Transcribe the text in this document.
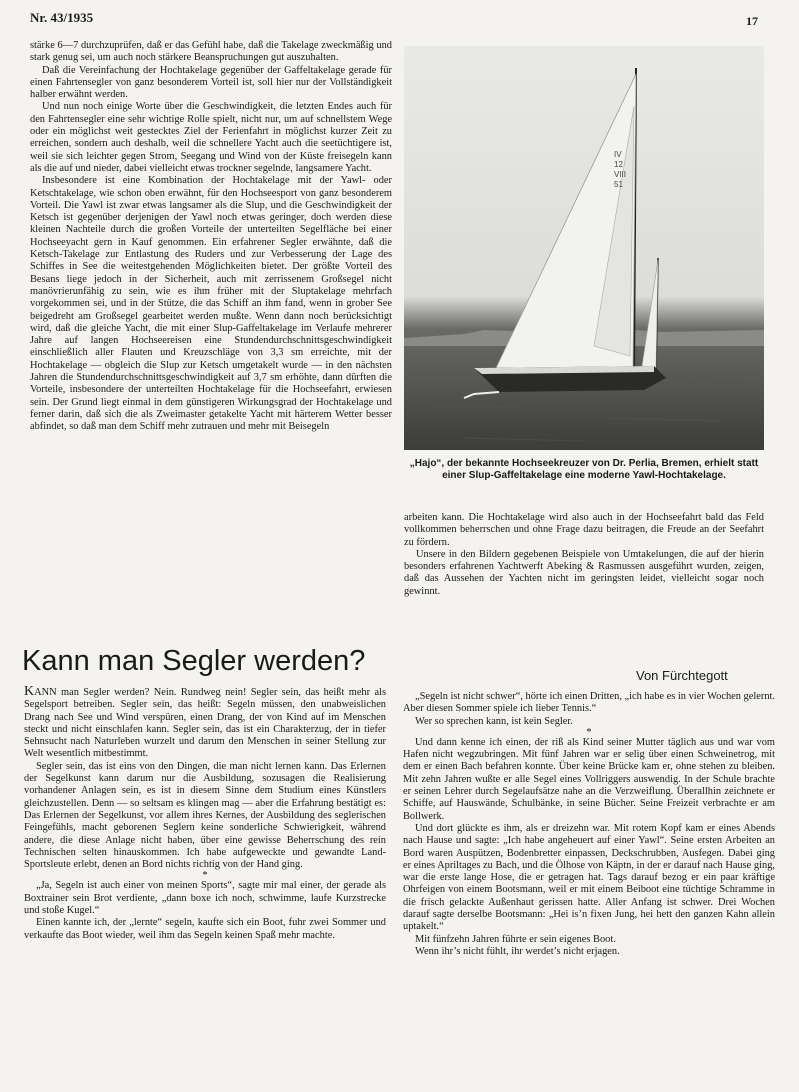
Nr. 43/1935	17

stärke 6—7 durchzuprüfen, daß er das Gefühl habe, daß die Takelage zweckmäßig und stark genug sei, um auch noch stärkere Beanspruchungen gut auszuhalten.

Daß die Vereinfachung der Hochtakelage gegenüber der Gaffeltakelage gerade für einen Fahrtensegler von ganz besonderem Vorteil ist, soll hier nur der Vollständigkeit halber erwähnt werden.

Und nun noch einige Worte über die Geschwindigkeit, die letzten Endes auch für den Fahrtensegler eine sehr wichtige Rolle spielt, nicht nur, um auf schnellstem Wege oder ein möglichst weit gestecktes Ziel der Ferienfahrt in möglichst kurzer Zeit zu erreichen, sondern auch deshalb, weil die schnellere Yacht auch die seetüchtigere ist, weil sie sich leichter gegen Strom, Seegang und Wind von der Küste freisegeln kann als die auf und nieder, dabei vielleicht etwas trockner segelnde, langsamere Yacht.

Insbesondere ist eine Kombination der Hochtakelage mit der Yawl- oder Ketschtakelage, wie schon oben erwähnt, für den Hochseesport von ganz besonderem Vorteil. Die Yawl ist zwar etwas langsamer als die Slup, und die Geschwindigkeit der Ketsch ist gegenüber derjenigen der Yawl noch etwas geringer, doch werden diese kleinen Nachteile durch die großen Vorteile der unterteilten Segelfläche bei einer Hochseeyacht gern in Kauf genommen. Ein erfahrener Segler erwähnte, daß die Ketsch-Takelage zur Entlastung des Ruders und zur Verbesserung der Lage des Schiffes in See die weitestgehenden Möglichkeiten bietet. Der größte Vorteil des Besans liege jedoch in der Sicherheit, auch mit zerrissenem Großsegel nicht manövrierunfähig zu sein, wie es ihm früher mit der Sluptakelage mehrfach vorgekommen sei, und in der Stütze, die das Schiff an ihm fand, wenn in grober See beigedreht am Großsegel gearbeitet werden mußte. Wenn dann noch berücksichtigt wird, daß die gleiche Yacht, die mit einer Slup-Gaffeltakelage im Verlaufe mehrerer Jahre auf langen Hochseereisen eine Stundendurchschnittsgeschwindigkeit einschließlich aller Flauten und Kreuzschläge von 3,3 sm erreichte, mit der Hochtakelage — obgleich die Slup zur Ketsch umgetakelt wurde — in den nächsten Jahren die Stundendurchschnittsgeschwindigkeit auf 3,7 sm erhöhte, dann dürften die Vorteile, insbesondere der unterteilten Hochtakelage für die Hochseefahrt, erwiesen sein. Der Grund liegt einmal in dem günstigeren Wirkungsgrad der Hochtakelage und ferner darin, daß sich die als Zweimaster getakelte Yacht mit härterem Wetter besser abfindet, so daß man dem Schiff mehr zutrauen und mehr mit Beisegeln

IV
12
VIII
51
„Hajo“, der bekannte Hochseekreuzer von Dr. Perlia, Bremen, erhielt statt einer Slup-Gaffeltakelage eine moderne Yawl-Hochtakelage.

arbeiten kann. Die Hochtakelage wird also auch in der Hochseefahrt bald das Feld vollkommen beherrschen und ohne Frage dazu beitragen, die Freude an der Seefahrt zu fördern.

Unsere in den Bildern gegebenen Beispiele von Umtakelungen, die auf der hierin besonders erfahrenen Yachtwerft Abeking & Rasmussen ausgeführt wurden, zeigen, daß das Aussehen der Yachten nicht im geringsten leidet, vielleicht sogar noch gewinnt.

Kann man Segler werden?	Von Fürchtegott

KANN man Segler werden? Nein. Rundweg nein! Segler sein, das heißt mehr als Segelsport betreiben. Segler sein, das heißt: Segeln müssen, den unabweislichen Drang nach See und Wind verspüren, einen Drang, der von Kind auf im Menschen steckt und nicht einschlafen kann. Segler sein, das ist ein Charakterzug, der in tiefer Sehnsucht nach Naturleben wurzelt und darum den Menschen in seiner Stellung zur Welt wesentlich mitbestimmt.

Segler sein, das ist eins von den Dingen, die man nicht lernen kann. Das Erlernen der Segelkunst kann darum nur die Ausbildung, sozusagen die Realisierung vorhandener Anlagen sein, es ist in diesem Sinne dem Studium eines Künstlers gleichzustellen. Denn — so seltsam es klingen mag — aber die Erfahrung bestätigt es: Das Erlernen der Segelkunst, vor allem ihres Kernes, der Ausbildung des seglerischen Feingefühls, macht geborenen Seglern keine sonderliche Schwierigkeit, während andere, die diese Anlage nicht haben, über eine gewisse Beherrschung des rein Technischen selten hinauskommen. Ich habe aufgeweckte und gewandte Land-Sportsleute erlebt, denen an Bord nichts richtig von der Hand ging.

*

„Ja, Segeln ist auch einer von meinen Sports“, sagte mir mal einer, der gerade als Boxtrainer sein Brot verdiente, „dann boxe ich noch, schwimme, laufe Kurzstrecke und stoße Kugel.“

Einen kannte ich, der „lernte“ segeln, kaufte sich ein Boot, fuhr zwei Sommer und verkaufte das Boot wieder, weil ihm das Segeln keinen Spaß mehr machte.

„Segeln ist nicht schwer“, hörte ich einen Dritten, „ich habe es in vier Wochen gelernt. Aber diesen Sommer spiele ich lieber Tennis.“

Wer so sprechen kann, ist kein Segler.

*

Und dann kenne ich einen, der riß als Kind seiner Mutter täglich aus und war vom Hafen nicht wegzubringen. Mit fünf Jahren war er selig über einen Schweinetrog, mit dem er einen Bach befahren konnte. Über keine Brücke kam er, ohne stehen zu bleiben. Mit zehn Jahren wußte er alle Segel eines Vollriggers auswendig. In der Schule brachte er seinen Lehrer durch Segelaufsätze nahe an die Verzweiflung. Überallhin zeichnete er Schiffe, auf Hauswände, Schulbänke, in seine Bücher. Seine Freizeit verbrachte er am Bollwerk.

Und dort glückte es ihm, als er dreizehn war. Mit rotem Kopf kam er eines Abends nach Hause und sagte: „Ich habe angeheuert auf einer Yawl“. Seine ersten Arbeiten an Bord waren Auspützen, Bodenbretter einpassen, Deckschrubben, Ausfegen. Dabei ging er eines Apriltages zu Bach, und die Ölhose von Käptn, in der er darauf nach Hause ging, war die erste lange Hose, die er getragen hat. Tags darauf bezog er ein paar kräftige Ohrfeigen von einem Bootsmann, weil er mit einem Beiboot eine tüchtige Schramme in die frisch gelackte Außenhaut gerissen hatte. Aller Anfang ist schwer. Drei Wochen darauf sagte derselbe Bootsmann: „Hei is’n fixen Jung, hei hett den ganzen Kahn allein uptakelt.“

Mit fünfzehn Jahren führte er sein eigenes Boot.

Wenn ihr’s nicht fühlt, ihr werdet’s nicht erjagen.
